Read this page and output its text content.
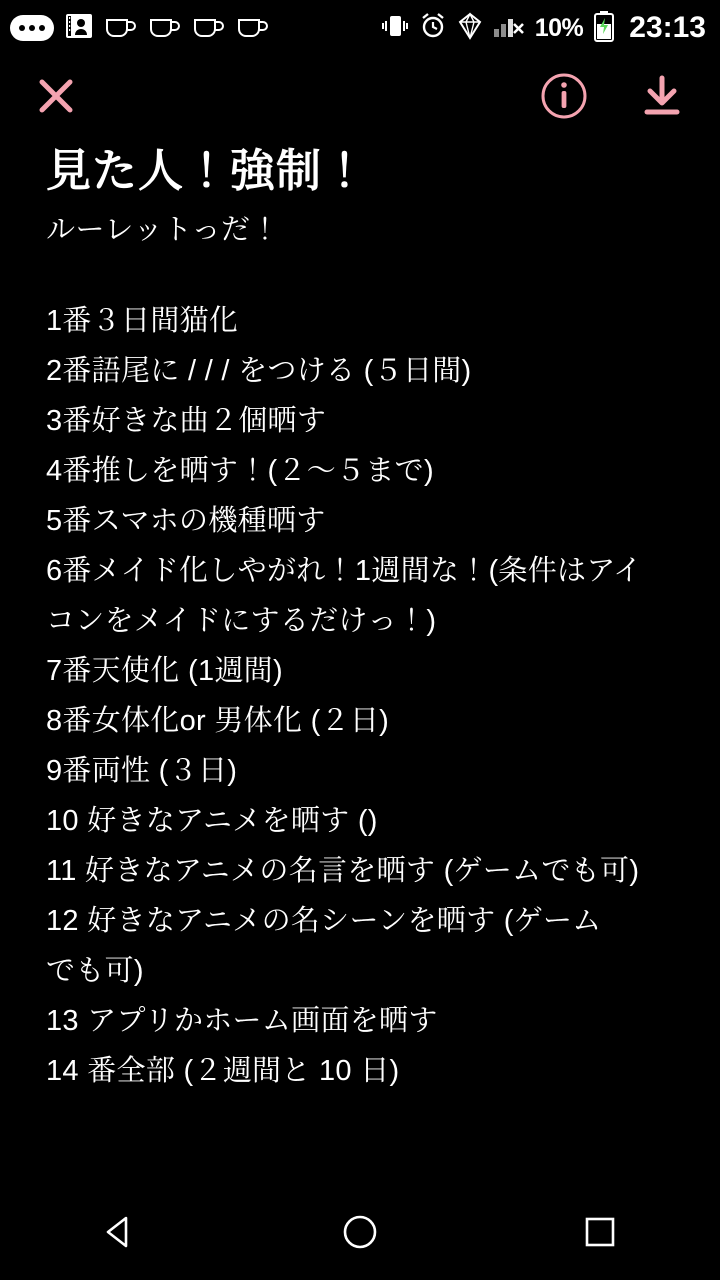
10% 23:13
見た人！強制！
ルーレットっだ！
1番３日間猫化
2番語尾に / / / をつける (５日間)
3番好きな曲２個晒す
4番推しを晒す！(２〜５まで)
5番スマホの機種晒す
6番メイド化しやがれ！1週間な！(条件はアイ
コンをメイドにするだけっ！)
7番天使化 (1週間)
8番女体化or 男体化 (２日)
9番両性 (３日)
10 好きなアニメを晒す ()
11 好きなアニメの名言を晒す (ゲームでも可)
12 好きなアニメの名シーンを晒す (ゲーム
でも可)
13 アプリかホーム画面を晒す
14 番全部 (２週間と 10 日)
